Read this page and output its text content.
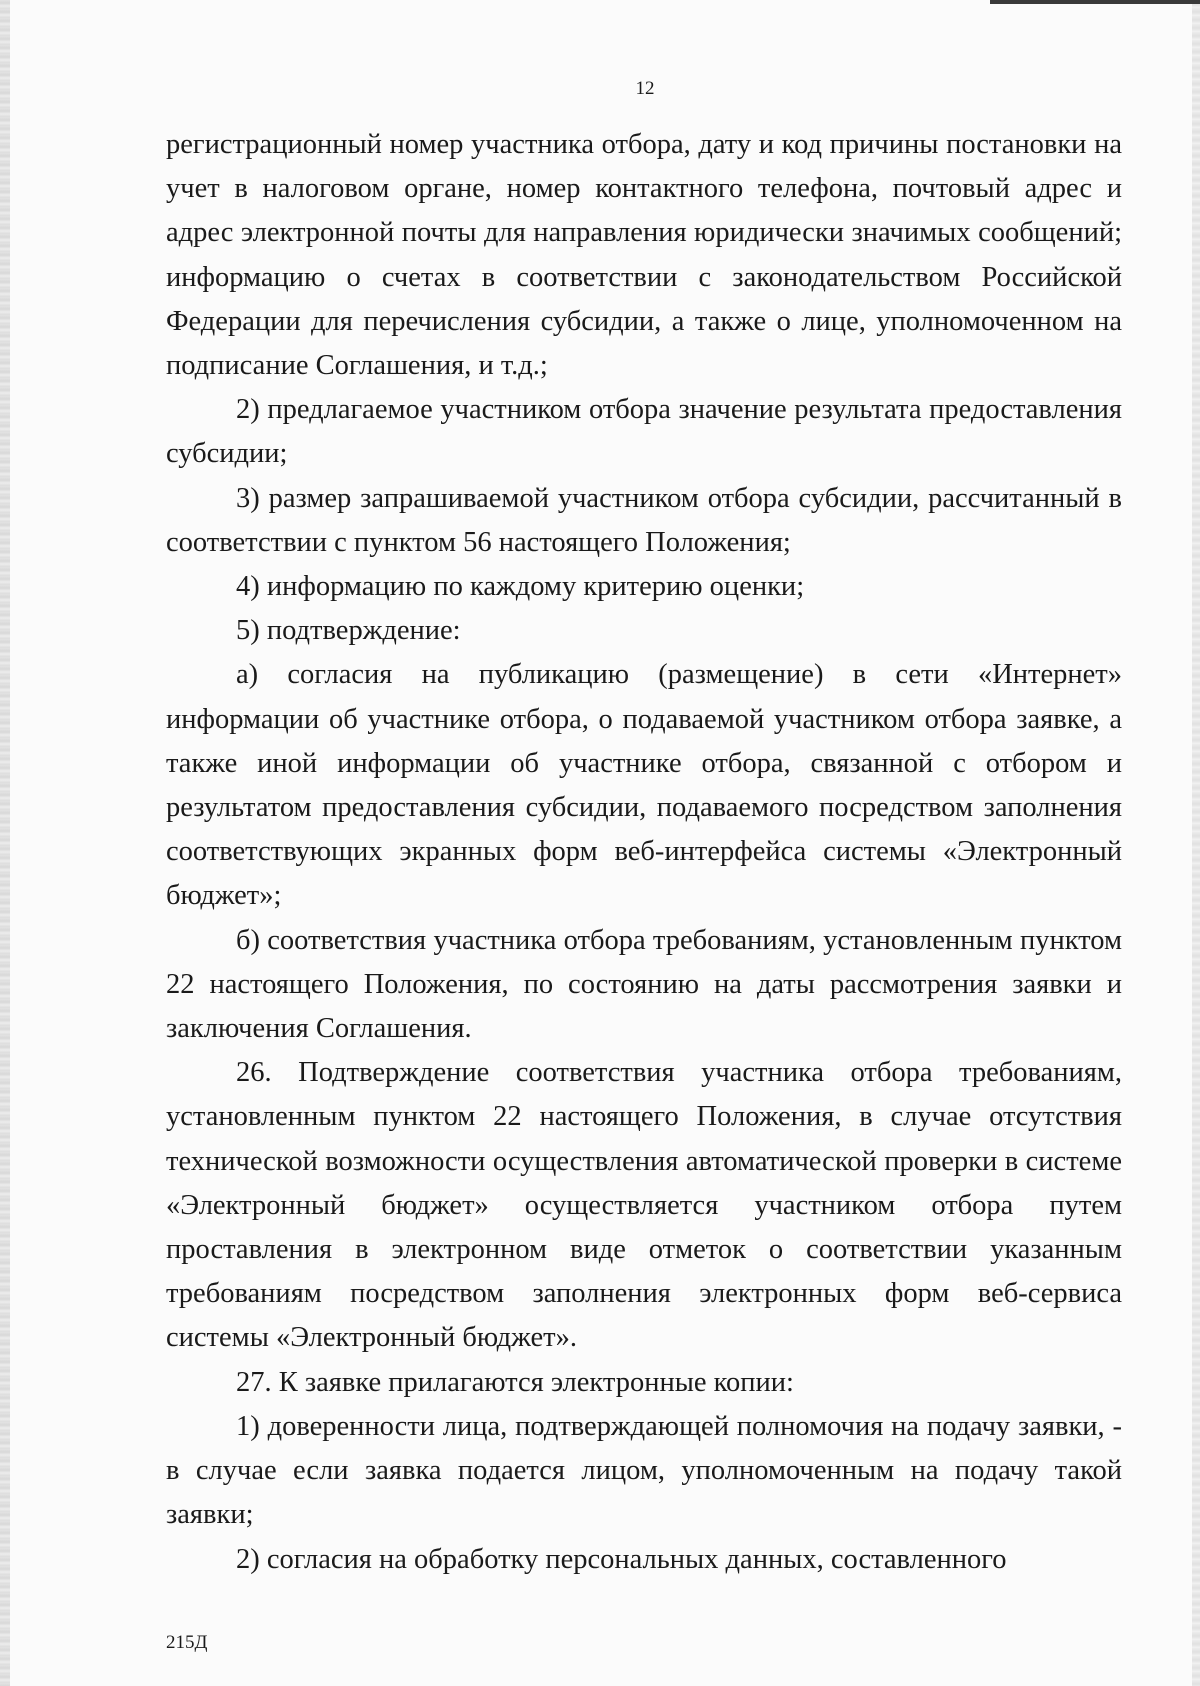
12

регистрационный номер участника отбора, дату и код причины постановки на учет в налоговом органе, номер контактного телефона, почтовый адрес и адрес электронной почты для направления юридически значимых сообщений; информацию о счетах в соответствии с законодательством Российской Федерации для перечисления субсидии, а также о лице, уполномоченном на подписание Соглашения, и т.д.;

2) предлагаемое участником отбора значение результата предоставления субсидии;

3) размер запрашиваемой участником отбора субсидии, рассчитанный в соответствии с пунктом 56 настоящего Положения;

4) информацию по каждому критерию оценки;

5) подтверждение:

а) согласия на публикацию (размещение) в сети «Интернет» информации об участнике отбора, о подаваемой участником отбора заявке, а также иной информации об участнике отбора, связанной с отбором и результатом предоставления субсидии, подаваемого посредством заполнения соответствующих экранных форм веб-интерфейса системы «Электронный бюджет»;

б) соответствия участника отбора требованиям, установленным пунктом 22 настоящего Положения, по состоянию на даты рассмотрения заявки и заключения Соглашения.

26. Подтверждение соответствия участника отбора требованиям, установленным пунктом 22 настоящего Положения, в случае отсутствия технической возможности осуществления автоматической проверки в системе «Электронный бюджет» осуществляется участником отбора путем проставления в электронном виде отметок о соответствии указанным требованиям посредством заполнения электронных форм веб-сервиса системы «Электронный бюджет».

27. К заявке прилагаются электронные копии:

1) доверенности лица, подтверждающей полномочия на подачу заявки, - в случае если заявка подается лицом, уполномоченным на подачу такой заявки;

2) согласия на обработку персональных данных, составленного

215Д
